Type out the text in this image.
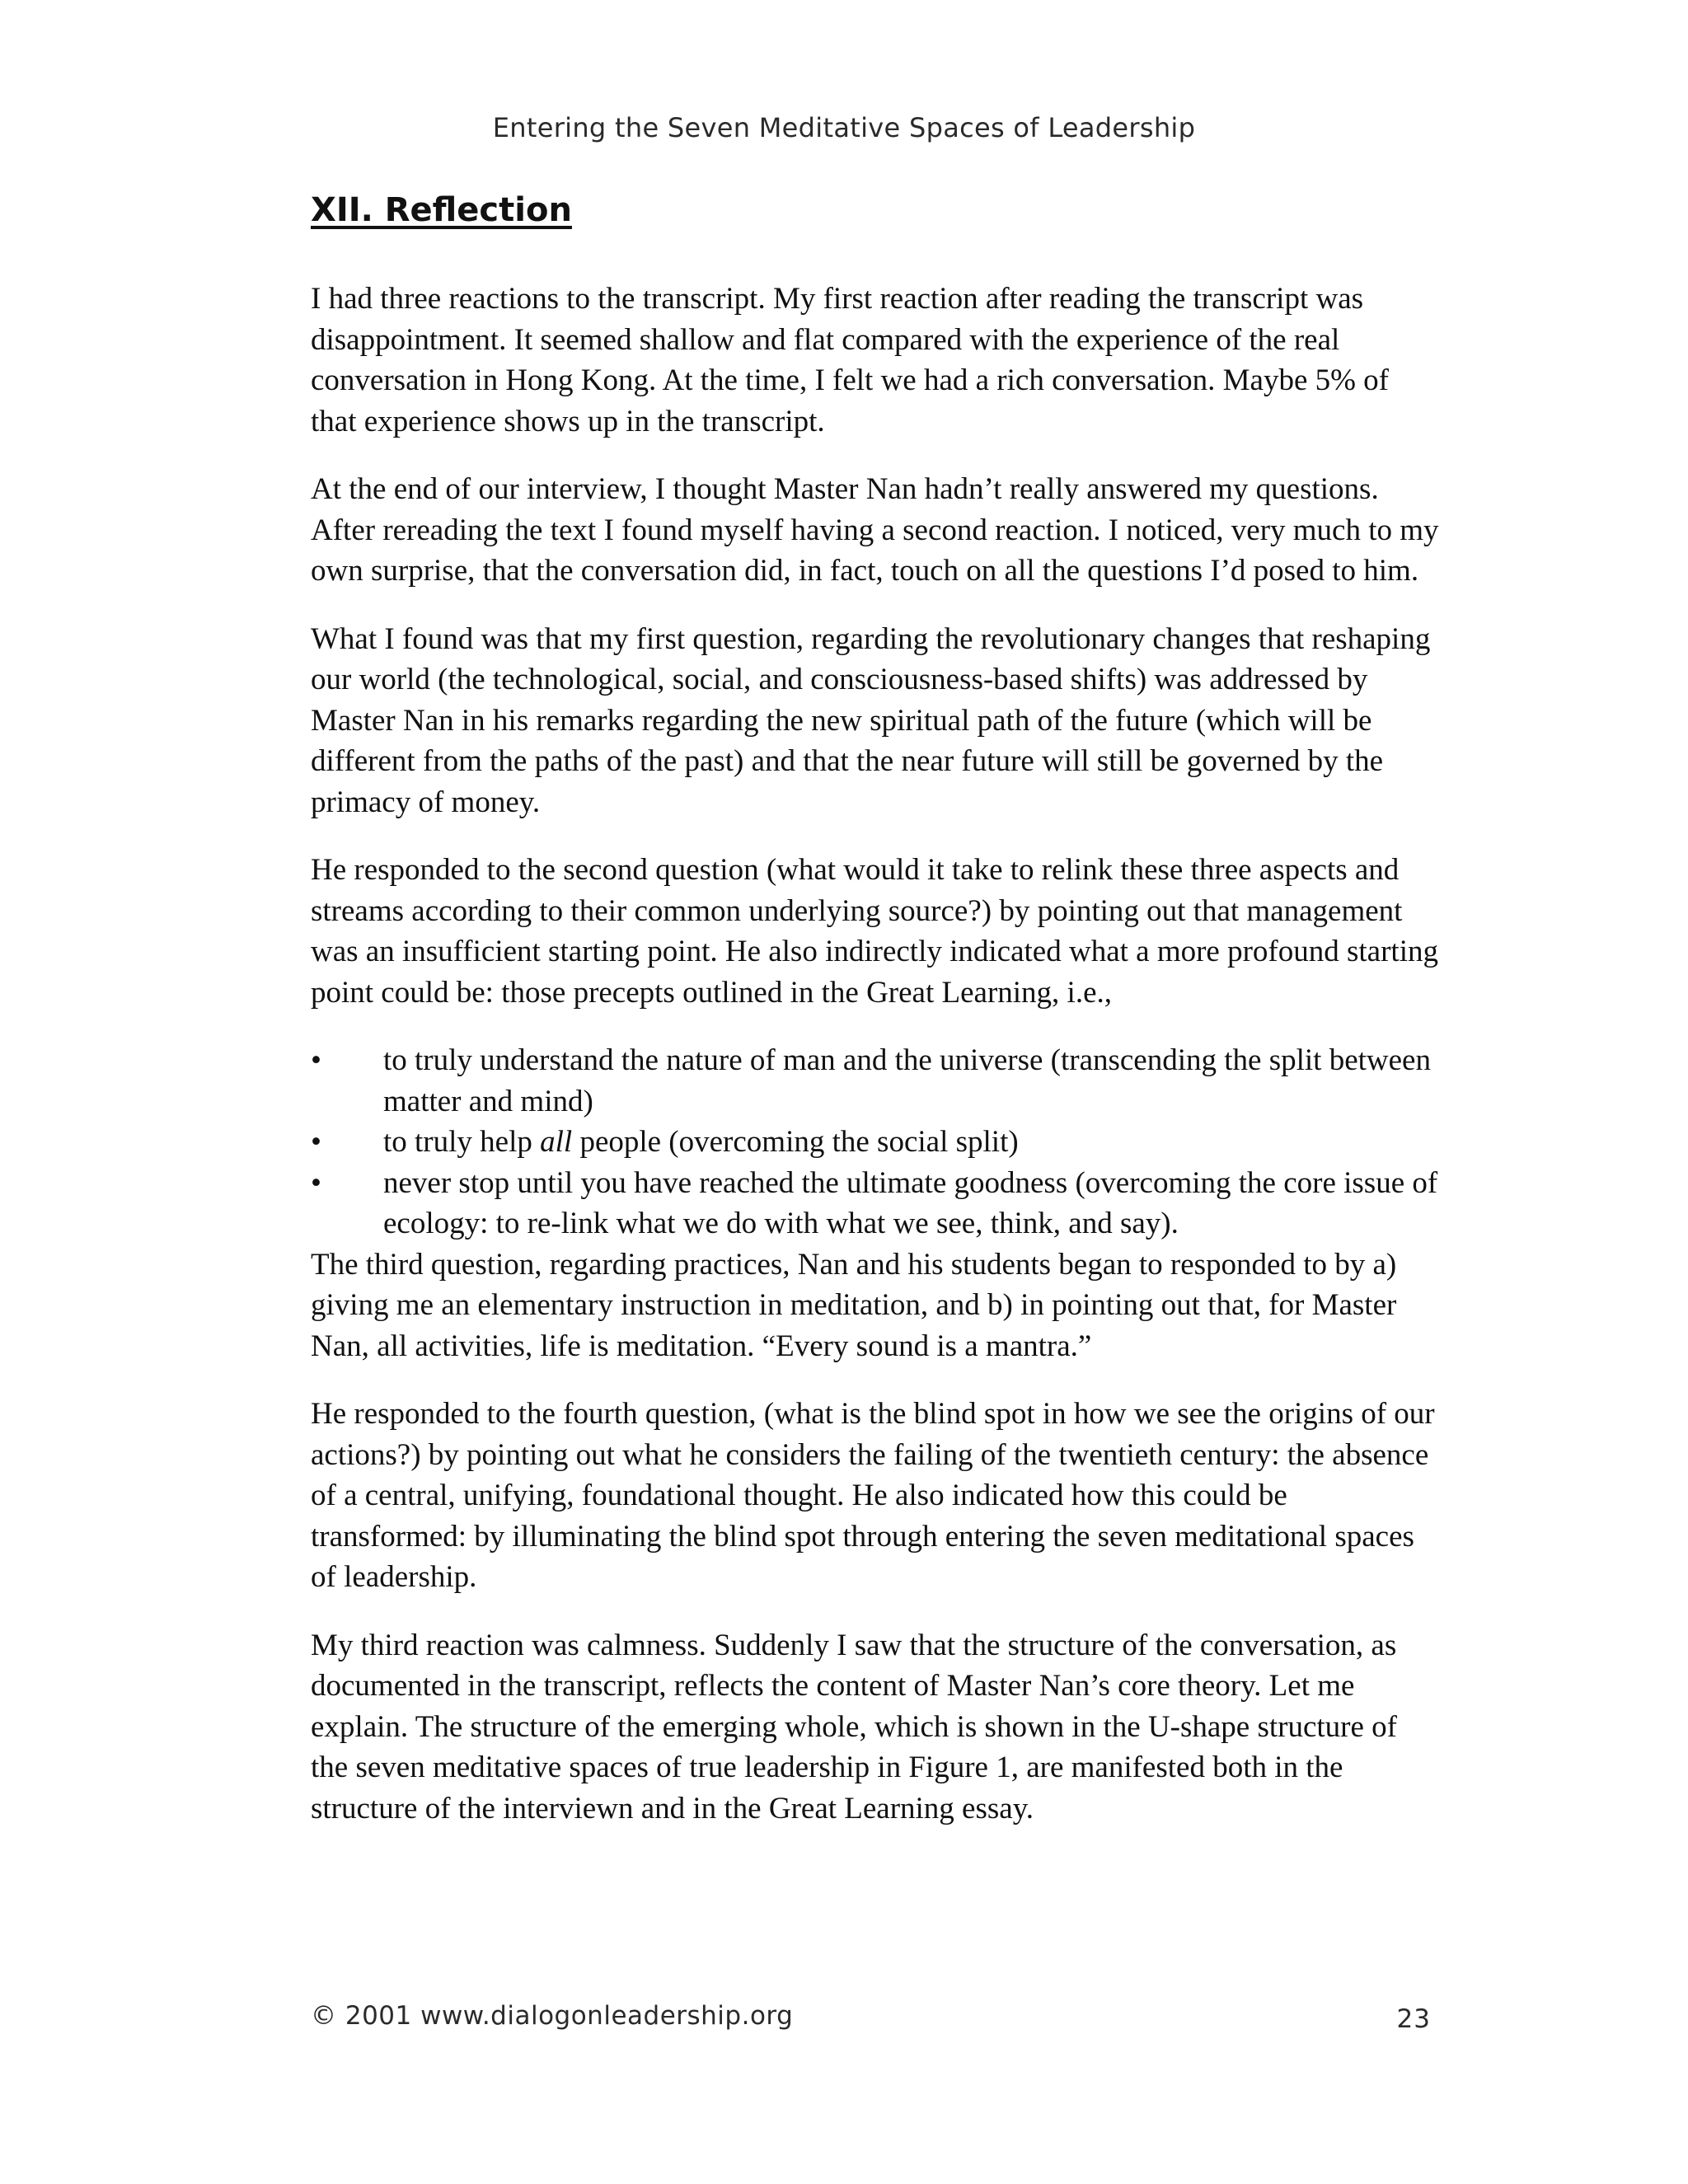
Entering the Seven Meditative Spaces of Leadership
XII. Reflection

I had three reactions to the transcript. My first reaction after reading the transcript was disappointment. It seemed shallow and flat compared with the experience of the real conversation in Hong Kong. At the time, I felt we had a rich conversation. Maybe 5% of that experience shows up in the transcript.

At the end of our interview, I thought Master Nan hadn’t really answered my questions. After rereading the text I found myself having a second reaction. I noticed, very much to my own surprise, that the conversation did, in fact, touch on all the questions I’d posed to him.

What I found was that my first question, regarding the revolutionary changes that reshaping our world (the technological, social, and consciousness-based shifts) was addressed by Master Nan in his remarks regarding the new spiritual path of the future (which will be different from the paths of the past) and that the near future will still be governed by the primacy of money.

He responded to the second question (what would it take to relink these three aspects and streams according to their common underlying source?) by pointing out that management was an insufficient starting point. He also indirectly indicated what a more profound starting point could be: those precepts outlined in the Great Learning, i.e.,

• to truly understand the nature of man and the universe (transcending the split between matter and mind)
• to truly help all people (overcoming the social split)
• never stop until you have reached the ultimate goodness (overcoming the core issue of ecology: to re-link what we do with what we see, think, and say).

The third question, regarding practices, Nan and his students began to responded to by a) giving me an elementary instruction in meditation, and b) in pointing out that, for Master Nan, all activities, life is meditation. “Every sound is a mantra.”

He responded to the fourth question, (what is the blind spot in how we see the origins of our actions?) by pointing out what he considers the failing of the twentieth century: the absence of a central, unifying, foundational thought. He also indicated how this could be transformed: by illuminating the blind spot through entering the seven meditational spaces of leadership.

My third reaction was calmness. Suddenly I saw that the structure of the conversation, as documented in the transcript, reflects the content of Master Nan’s core theory. Let me explain. The structure of the emerging whole, which is shown in the U-shape structure of the seven meditative spaces of true leadership in Figure 1, are manifested both in the structure of the interviewn and in the Great Learning essay.

© 2001 www.dialogonleadership.org	23
